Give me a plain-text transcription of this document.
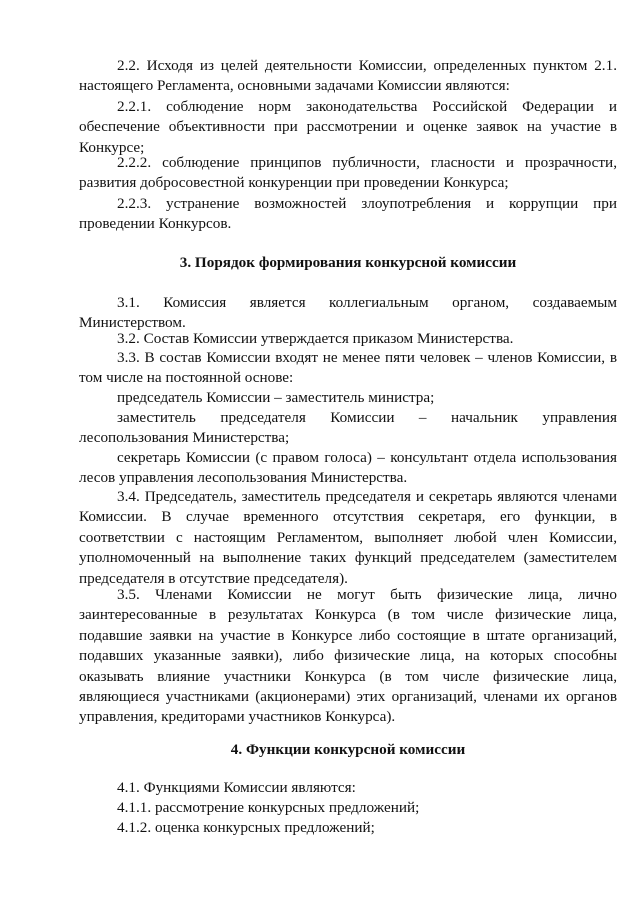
2.2. Исходя из целей деятельности Комиссии, определенных пунктом 2.1. настоящего Регламента, основными задачами Комиссии являются:
2.2.1. соблюдение норм законодательства Российской Федерации и обеспечение объективности при рассмотрении и оценке заявок на участие в Конкурсе;
2.2.2. соблюдение принципов публичности, гласности и прозрачности, развития добросовестной конкуренции при проведении Конкурса;
2.2.3. устранение возможностей злоупотребления и коррупции при проведении Конкурсов.
3. Порядок формирования конкурсной комиссии
3.1. Комиссия является коллегиальным органом, создаваемым Министерством.
3.2. Состав Комиссии утверждается приказом Министерства.
3.3. В состав Комиссии входят не менее пяти человек – членов Комиссии, в том числе на постоянной основе:
председатель Комиссии – заместитель министра;
заместитель председателя Комиссии – начальник управления лесопользования Министерства;
секретарь Комиссии (с правом голоса) – консультант отдела использования лесов управления лесопользования Министерства.
3.4. Председатель, заместитель председателя и секретарь являются членами Комиссии. В случае временного отсутствия секретаря, его функции, в соответствии с настоящим Регламентом, выполняет любой член Комиссии, уполномоченный на выполнение таких функций председателем (заместителем председателя в отсутствие председателя).
3.5. Членами Комиссии не могут быть физические лица, лично заинтересованные в результатах Конкурса (в том числе физические лица, подавшие заявки на участие в Конкурсе либо состоящие в штате организаций, подавших указанные заявки), либо физические лица, на которых способны оказывать влияние участники Конкурса (в том числе физические лица, являющиеся участниками (акционерами) этих организаций, членами их органов управления, кредиторами участников Конкурса).
4. Функции конкурсной комиссии
4.1. Функциями Комиссии являются:
4.1.1. рассмотрение конкурсных предложений;
4.1.2. оценка конкурсных предложений;
